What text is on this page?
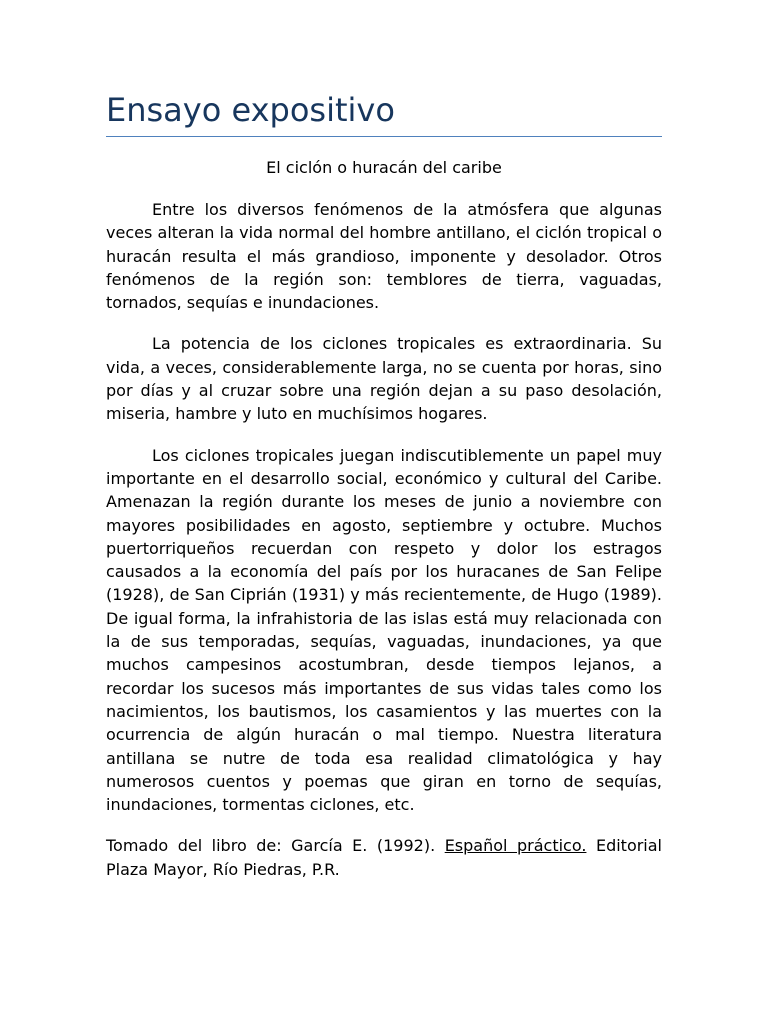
Ensayo expositivo

El ciclón o huracán del caribe

Entre los diversos fenómenos de la atmósfera que algunas veces alteran la vida normal del hombre antillano, el ciclón tropical o huracán resulta el más grandioso, imponente y desolador. Otros fenómenos de la región son: temblores de tierra, vaguadas, tornados, sequías e inundaciones.

La potencia de los ciclones tropicales es extraordinaria. Su vida, a veces, considerablemente larga, no se cuenta por horas, sino por días y al cruzar sobre una región dejan a su paso desolación, miseria, hambre y luto en muchísimos hogares.

Los ciclones tropicales juegan indiscutiblemente un papel muy importante en el desarrollo social, económico y cultural del Caribe. Amenazan la región durante los meses de junio a noviembre con mayores posibilidades en agosto, septiembre y octubre. Muchos puertorriqueños recuerdan con respeto y dolor los estragos causados a la economía del país por los huracanes de San Felipe (1928), de San Ciprián (1931) y más recientemente, de Hugo (1989). De igual forma, la infrahistoria de las islas está muy relacionada con la de sus temporadas, sequías, vaguadas, inundaciones, ya que muchos campesinos acostumbran, desde tiempos lejanos, a recordar los sucesos más importantes de sus vidas tales como los nacimientos, los bautismos, los casamientos y las muertes con la ocurrencia de algún huracán o mal tiempo. Nuestra literatura antillana se nutre de toda esa realidad climatológica y hay numerosos cuentos y poemas que giran en torno de sequías, inundaciones, tormentas ciclones, etc.

Tomado del libro de: García E. (1992). Español práctico. Editorial Plaza Mayor, Río Piedras, P.R.
